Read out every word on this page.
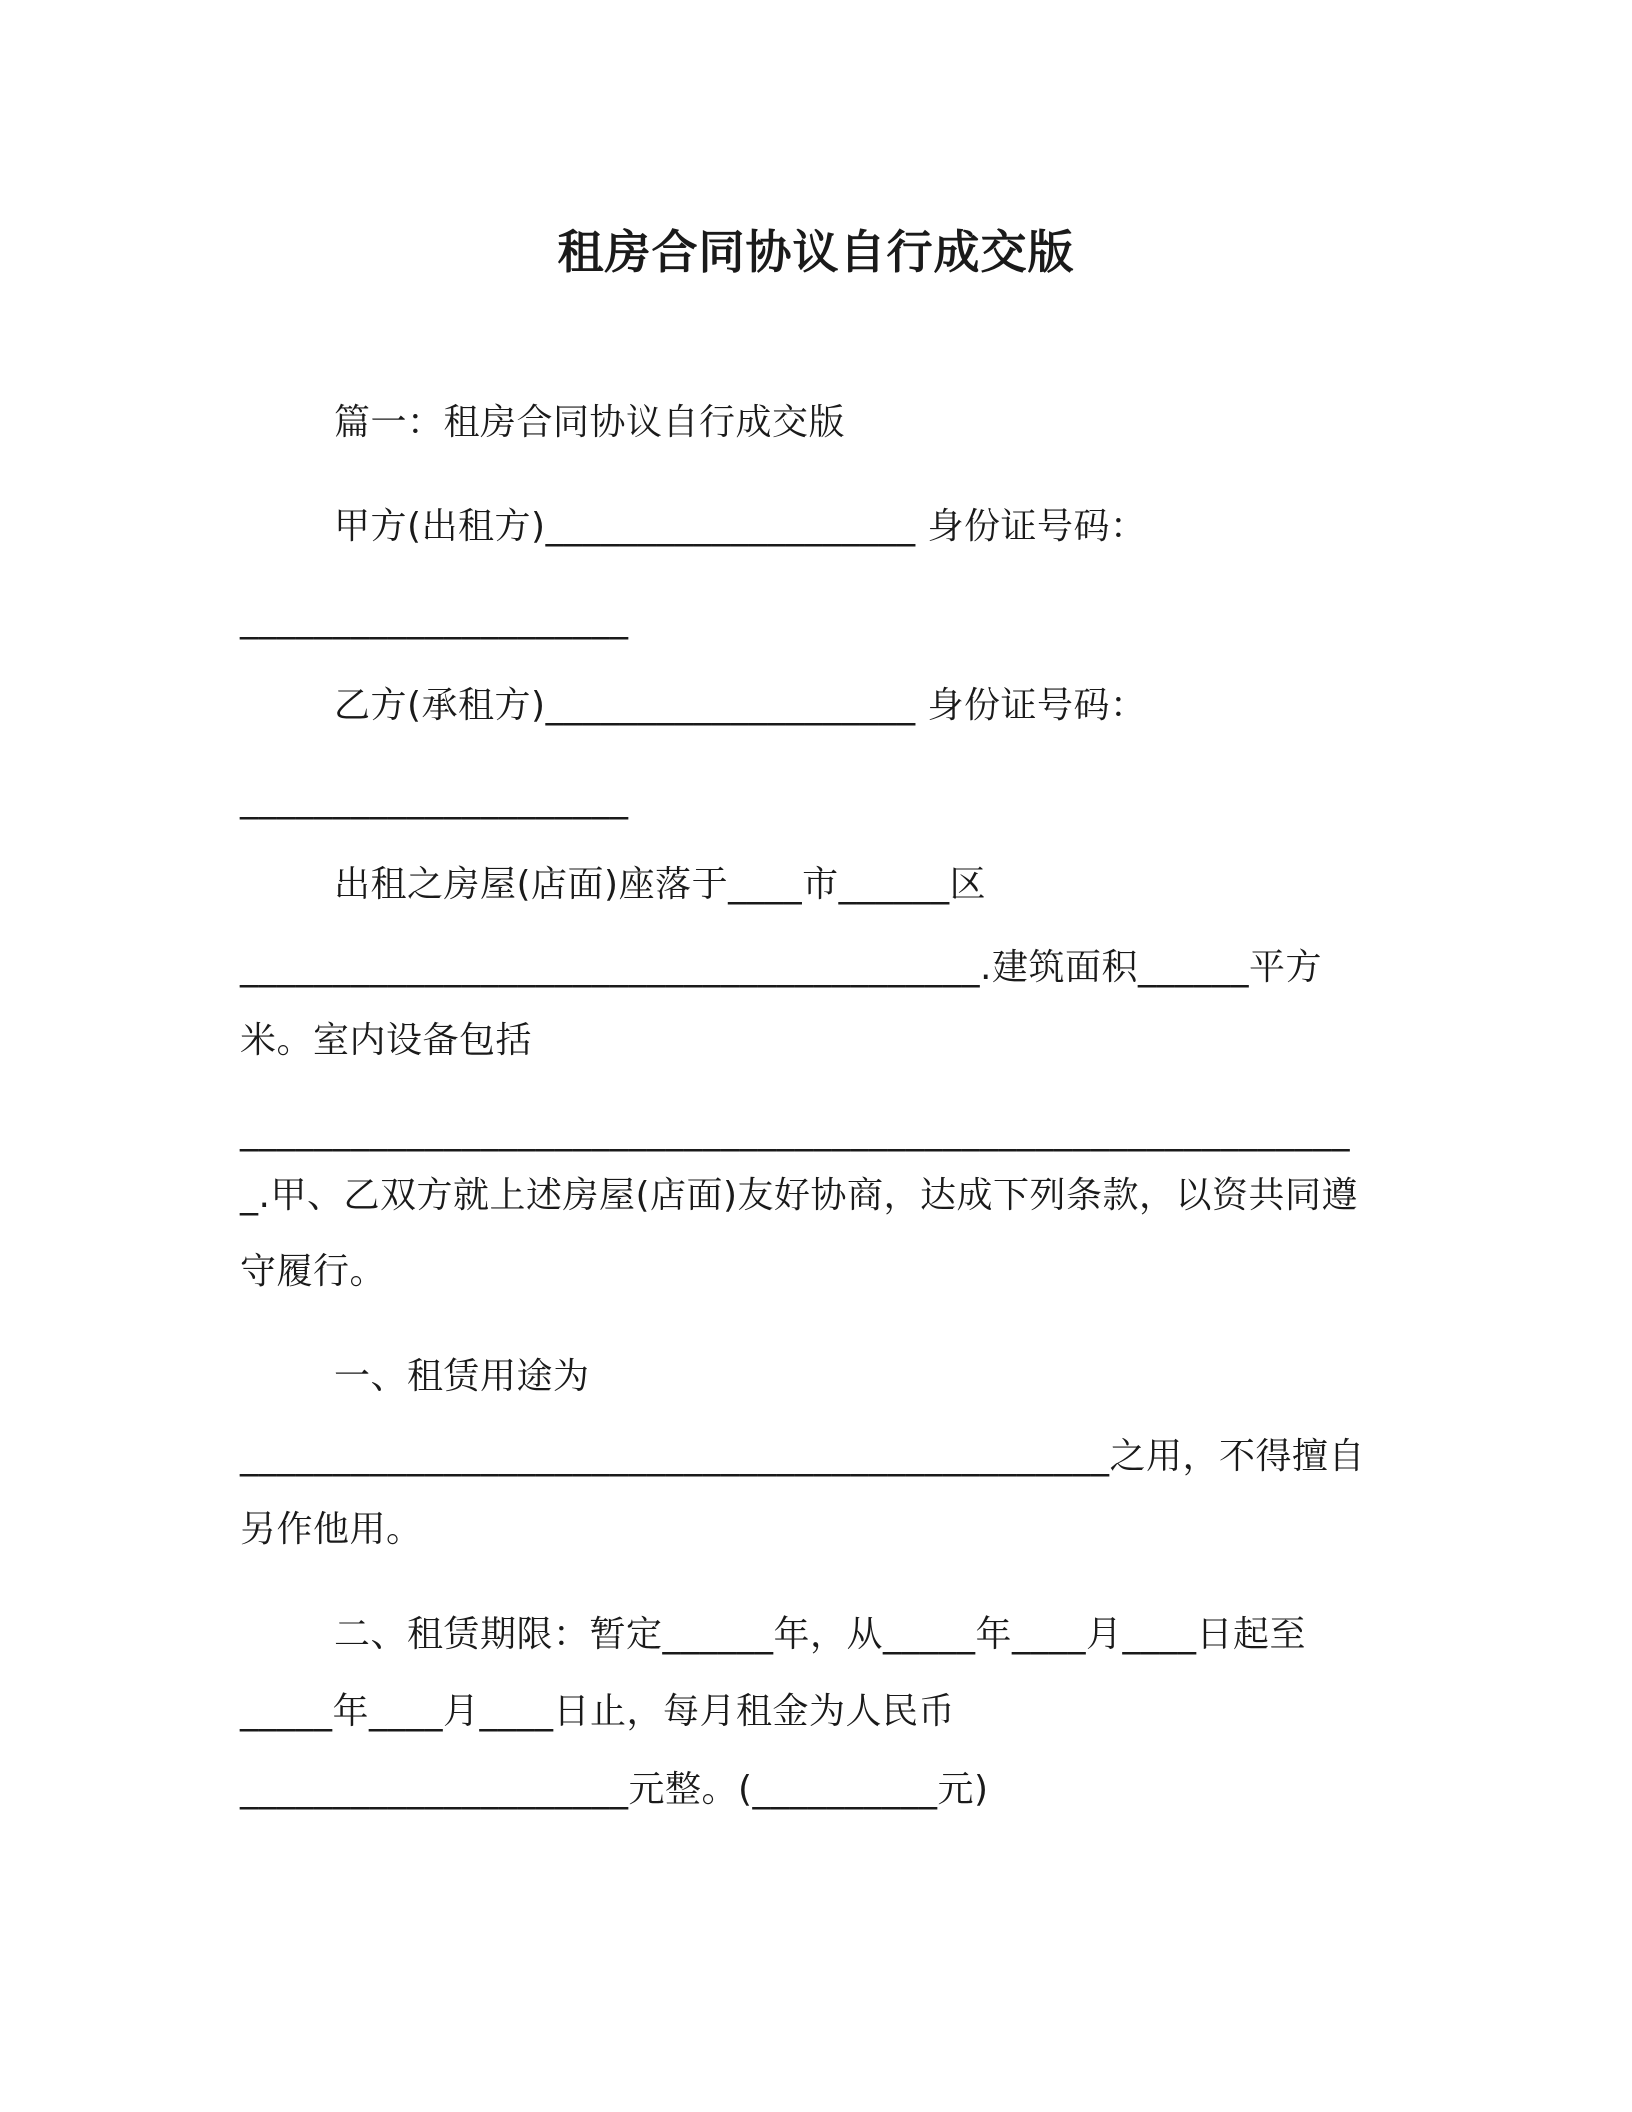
租房合同协议自行成交版
篇一：租房合同协议自行成交版
甲方(出租方)____________________ 身份证号码：
_____________________
乙方(承租方)____________________ 身份证号码：
_____________________
出租之房屋(店面)座落于____市______区
________________________________________.建筑面积______平方
米。室内设备包括
____________________________________________________________
_.甲、乙双方就上述房屋(店面)友好协商，达成下列条款，以资共同遵
守履行。
一、租赁用途为
_______________________________________________之用，不得擅自
另作他用。
二、租赁期限：暂定______年，从_____年____月____日起至
_____年____月____日止，每月租金为人民币
_____________________元整。(__________元)
